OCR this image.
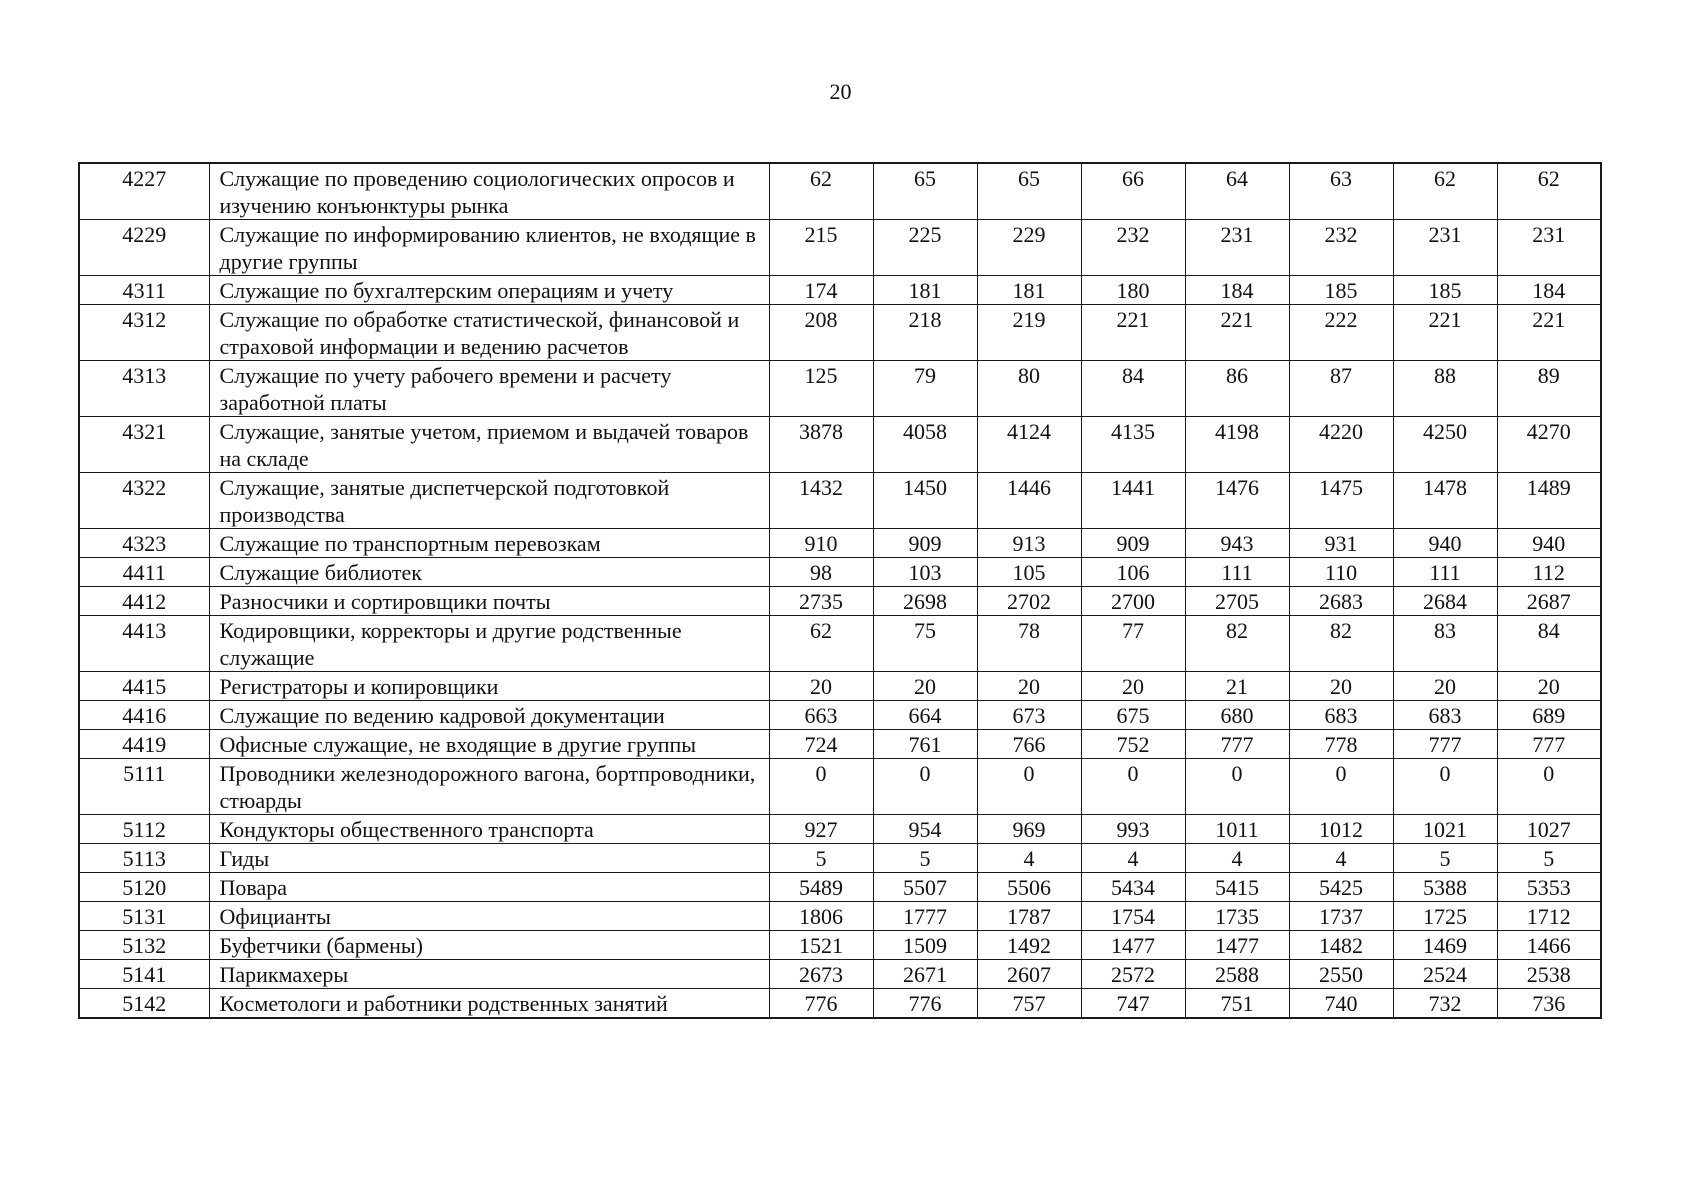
20
4227	Служащие по проведению социологических опросов и изучению конъюнктуры рынка	62	65	65	66	64	63	62	62
4229	Служащие по информированию клиентов, не входящие в другие группы	215	225	229	232	231	232	231	231
4311	Служащие по бухгалтерским операциям и учету	174	181	181	180	184	185	185	184
4312	Служащие по обработке статистической, финансовой и страховой информации и ведению расчетов	208	218	219	221	221	222	221	221
4313	Служащие по учету рабочего времени и расчету заработной платы	125	79	80	84	86	87	88	89
4321	Служащие, занятые учетом, приемом и выдачей товаров на складе	3878	4058	4124	4135	4198	4220	4250	4270
4322	Служащие, занятые диспетчерской подготовкой производства	1432	1450	1446	1441	1476	1475	1478	1489
4323	Служащие по транспортным перевозкам	910	909	913	909	943	931	940	940
4411	Служащие библиотек	98	103	105	106	111	110	111	112
4412	Разносчики и сортировщики почты	2735	2698	2702	2700	2705	2683	2684	2687
4413	Кодировщики, корректоры и другие родственные служащие	62	75	78	77	82	82	83	84
4415	Регистраторы и копировщики	20	20	20	20	21	20	20	20
4416	Служащие по ведению кадровой документации	663	664	673	675	680	683	683	689
4419	Офисные служащие, не входящие в другие группы	724	761	766	752	777	778	777	777
5111	Проводники железнодорожного вагона, бортпроводники, стюарды	0	0	0	0	0	0	0	0
5112	Кондукторы общественного транспорта	927	954	969	993	1011	1012	1021	1027
5113	Гиды	5	5	4	4	4	4	5	5
5120	Повара	5489	5507	5506	5434	5415	5425	5388	5353
5131	Официанты	1806	1777	1787	1754	1735	1737	1725	1712
5132	Буфетчики (бармены)	1521	1509	1492	1477	1477	1482	1469	1466
5141	Парикмахеры	2673	2671	2607	2572	2588	2550	2524	2538
5142	Косметологи и работники родственных занятий	776	776	757	747	751	740	732	736
